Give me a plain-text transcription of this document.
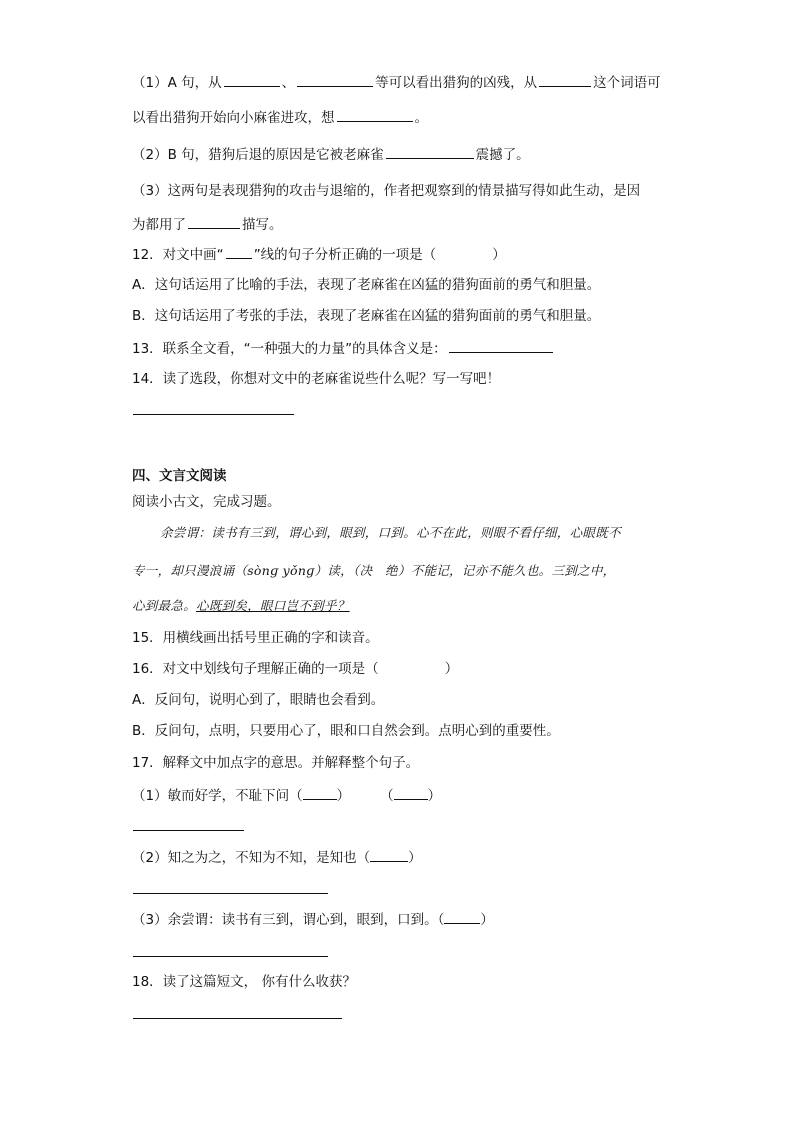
（1）A 句，从	、	等可以看出猎狗的凶残，从	这个词语可
以看出猎狗开始向小麻雀进攻，想	。
（2）B 句，猎狗后退的原因是它被老麻雀	震撼了。
（3）这两句是表现猎狗的攻击与退缩的，作者把观察到的情景描写得如此生动，是因
为都用了	描写。
12．对文中画“ ”线的句子分析正确的一项是（	）
A．这句话运用了比喻的手法，表现了老麻雀在凶猛的猎狗面前的勇气和胆量。
B．这句话运用了考张的手法，表现了老麻雀在凶猛的猎狗面前的勇气和胆量。
13．联系全文看，“一种强大的力量”的具体含义是：
14．读了选段，你想对文中的老麻雀说些什么呢？写一写吧！
四、文言文阅读
阅读小古文，完成习题。
余尝谓：读书有三到，谓心到，眼到，口到。心不在此，则眼不看仔细，心眼既不
专一，却只漫浪诵（sònɡ yǒnɡ）读，（决　绝）不能记，记亦不能久也。三到之中，
心到最急。心既到矣，眼口岂不到乎？
15．用横线画出括号里正确的字和读音。
16．对文中划线句子理解正确的一项是（	）
A．反问句，说明心到了，眼睛也会看到。
B．反问句，点明，只要用心了，眼和口自然会到。点明心到的重要性。
17．解释文中加点字的意思。并解释整个句子。
（1）敏而好学，不耻下问（	） （	）
（2）知之为之，不知为不知，是知也（	）
（3）余尝谓：读书有三到，谓心到，眼到，口到。（	）
18．读了这篇短文， 你有什么收获？
